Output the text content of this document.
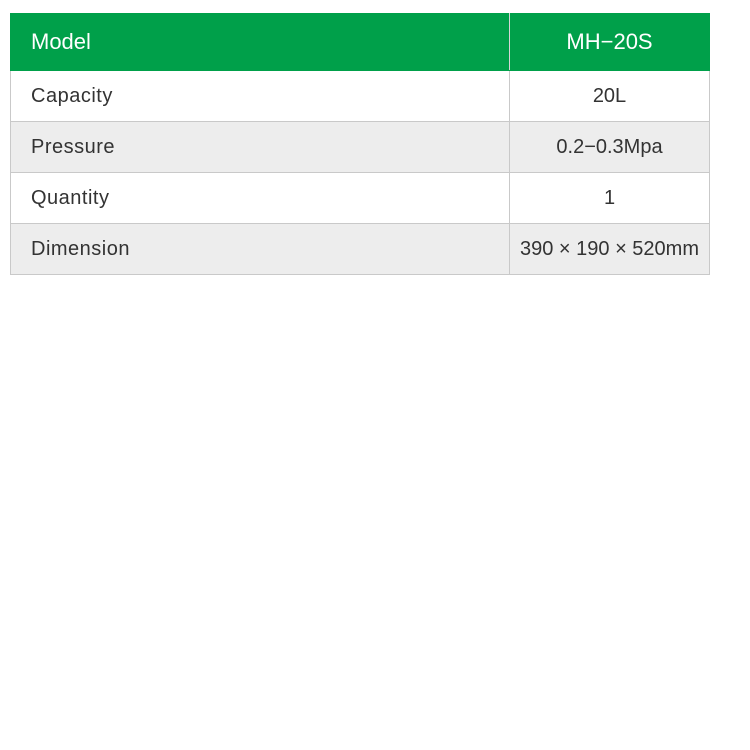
Model	MH−20S
Capacity	20L
Pressure	0.2−0.3Mpa
Quantity	1
Dimension	390 × 190 × 520mm
